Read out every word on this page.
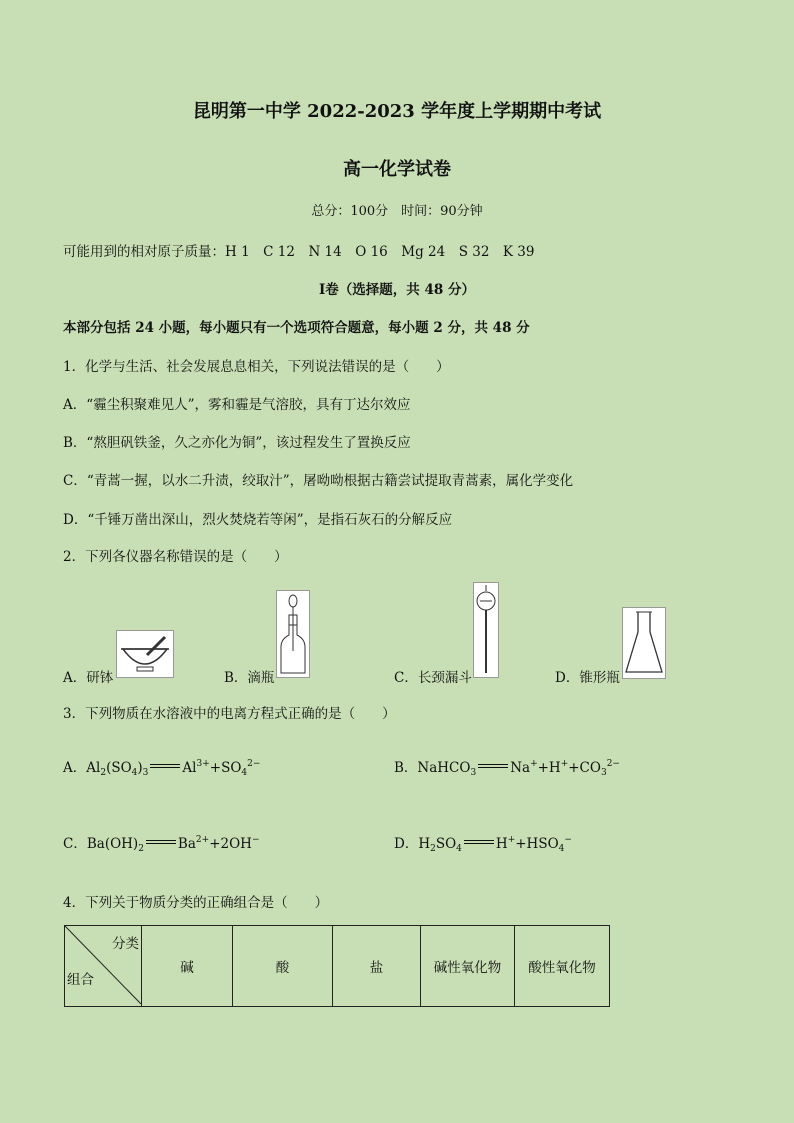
昆明第一中学 2022-2023 学年度上学期期中考试
高一化学试卷
总分：100分　时间：90分钟
可能用到的相对原子质量：H 1　C 12　N 14　O 16　Mg 24　S 32　K 39
Ⅰ卷（选择题，共 48 分）
本部分包括 24 小题，每小题只有一个选项符合题意，每小题 2 分，共 48 分
1．化学与生活、社会发展息息相关，下列说法错误的是（　　）
A．“霾尘积聚难见人”，雾和霾是气溶胶，具有丁达尔效应
B．“熬胆矾铁釜，久之亦化为铜”，该过程发生了置换反应
C．“青蒿一握，以水二升渍，绞取汁”，屠呦呦根据古籍尝试提取青蒿素，属化学变化
D．“千锤万凿出深山，烈火焚烧若等闲”，是指石灰石的分解反应
2．下列各仪器名称错误的是（　　）
A．研钵	B．滴瓶	C．长颈漏斗	D．锥形瓶
3．下列物质在水溶液中的电离方程式正确的是（　　）
A．$Al_2(SO_4)_3$	$Al^{3+}+SO_4^{2-}$	B．NaHCO$_3$	$Na^++H^++CO_3^{2-}$
C．$Ba(OH)_2$	$Ba^{2+}+2OH^-$	D．$H_2SO_4$	$H^++HSO_4^-$
4．下列关于物质分类的正确组合是（　　）
分类
组合
	碱	酸	盐	碱性氧化物	酸性氧化物
